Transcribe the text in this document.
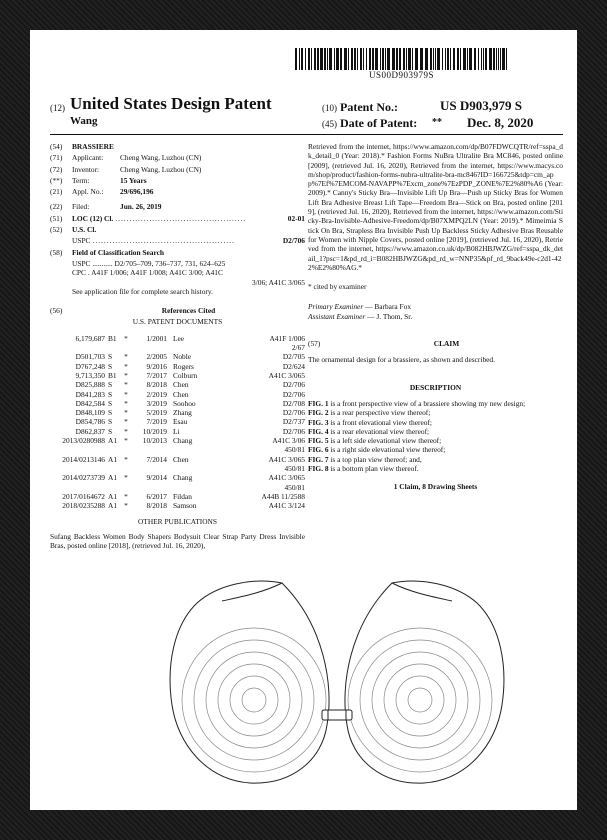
US00D903979S
(12) United States Design Patent
Wang
(10) Patent No.:	US D903,979 S
(45) Date of Patent: ** Dec. 8, 2020
(54)	BRASSIERE
(71)	Applicant:	Cheng Wang, Luzhou (CN)
(72)	Inventor:	Cheng Wang, Luzhou (CN)
(**)	Term:	15 Years
(21)	Appl. No.:	29/696,196
(22)	Filed:	Jun. 26, 2019
(51)	LOC (12) Cl. ..............................................	02-01
(52)	U.S. Cl.
USPC ..................................................	D2/706
(58)	Field of Classification Search
USPC ........... D2/705–709, 736–737, 731, 624–625
CPC . A41F 1/006; A41F 1/008; A41C 3/00; A41C
3/06; A41C 3/065
See application file for complete search history.
(56)	References Cited
U.S. PATENT DOCUMENTS
6,179,687 B1	*	1/2001 Lee	A41F 1/006
2/67
D501,703 S	*	2/2005 Noble	D2/705
D767,248 S	*	9/2016 Rogers	D2/624
9,713,350 B1	*	7/2017 Colburn	A41C 3/065
D825,888 S	*	8/2018 Chen	D2/706
D841,283 S	*	2/2019 Chen	D2/706
D842,584 S	*	3/2019 Soohoo	D2/708
D848,109 S	*	5/2019 Zhang	D2/706
D854,786 S	*	7/2019 Esau	D2/737
D862,837 S	*	10/2019 Li	D2/706
2013/0280988 A1 *	10/2013 Chang	A41C 3/06
450/81
2014/0213146 A1 *	7/2014 Chen	A41C 3/065
450/81
2014/0273739 A1 *	9/2014 Chang	A41C 3/065
450/81
2017/0164672 A1 *	6/2017 Fildan	A44B 11/2588
2018/0235288 A1 *	8/2018 Samson	A41C 3/124
OTHER PUBLICATIONS
Sufang Backless Women Body Shapers Bodysuit Clear Strap Party Dress Invisible Bras, posted online [2018], (retrieved Jul. 16, 2020),
Retrieved from the internet, https://www.amazon.com/dp/B07FDWCQTR/ref=sspa_dk_detail_0 (Year: 2018).* Fashion Forms NuBra Ultralite Bra MC846, posted online [2009], (retrieved Jul. 16, 2020), Retrieved from the internet, https://www.macys.com/shop/product/fashion-forms-nubra-ultralite-bra-mc846?ID=166725&tdp=cm_app%7Ef%7EMCOM-NAVAPP%7Excm_zone%7EzPDP_ZONE%7E2%80%A6 (Year: 2009).* Canny's Sticky Bra—Invisible Lift Up Bra—Push up Sticky Bras for Women Lift Bra Adhesive Breast Lift Tape—Freedom Bra—Stick on Bra, posted online [2019], (retrieved Jul. 16, 2020), Retrieved from the internet, https://www.amazon.com/Sticky-Bra-Invisible-Adhesive-Freedom/dp/B07XMPQ2LN (Year: 2019).* Mimeimia Stick On Bra, Strapless Bra Invisible Push Up Backless Sticky Adhesive Bras Reusable for Women with Nipple Covers, posted online [2019], (retrieved Jul. 16, 2020), Retrieved from the internet, https://www.amazon.co.uk/dp/B082HBJWZG/ref=sspa_dk_detail_1?psc=1&pd_rd_i=B082HBJWZG&pd_rd_w=NNP35&pf_rd_9back49e-c2d1-422%E2%80%AG.*
* cited by examiner
Primary Examiner — Barbara Fox
Assistant Examiner — J. Thom, Sr.
(57)	CLAIM
The ornamental design for a brassiere, as shown and described.
DESCRIPTION
FIG. 1 is a front perspective view of a brassiere showing my new design;
FIG. 2 is a rear perspective view thereof;
FIG. 3 is a front elevational view thereof;
FIG. 4 is a rear elevational view thereof;
FIG. 5 is a left side elevational view thereof;
FIG. 6 is a right side elevational view thereof;
FIG. 7 is a top plan view thereof; and,
FIG. 8 is a bottom plan view thereof.
1 Claim, 8 Drawing Sheets
